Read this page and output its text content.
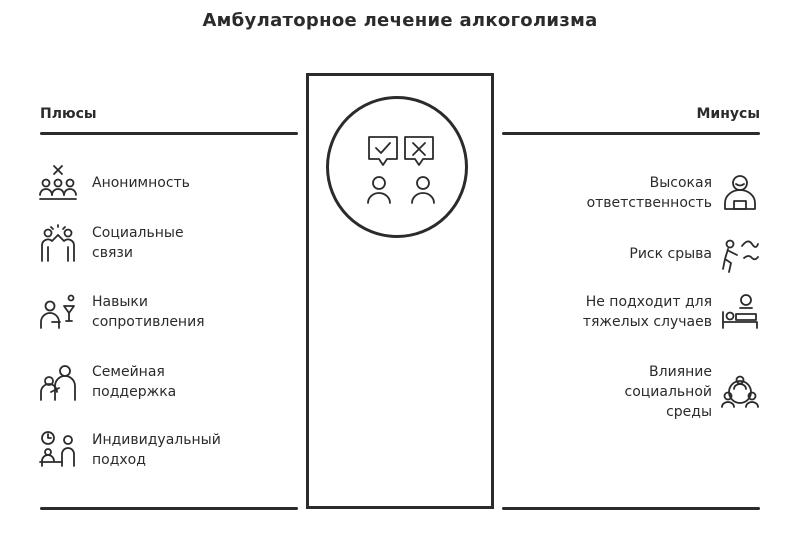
Амбулаторное лечение алкоголизма
Плюсы	Минусы
Анонимность
Социальные
связи
Навыки
сопротивления
Семейная
поддержка
Индивидуальный
подход
Высокая
ответственность
Риск срыва
Не подходит для
тяжелых случаев
Влияние
социальной
среды
